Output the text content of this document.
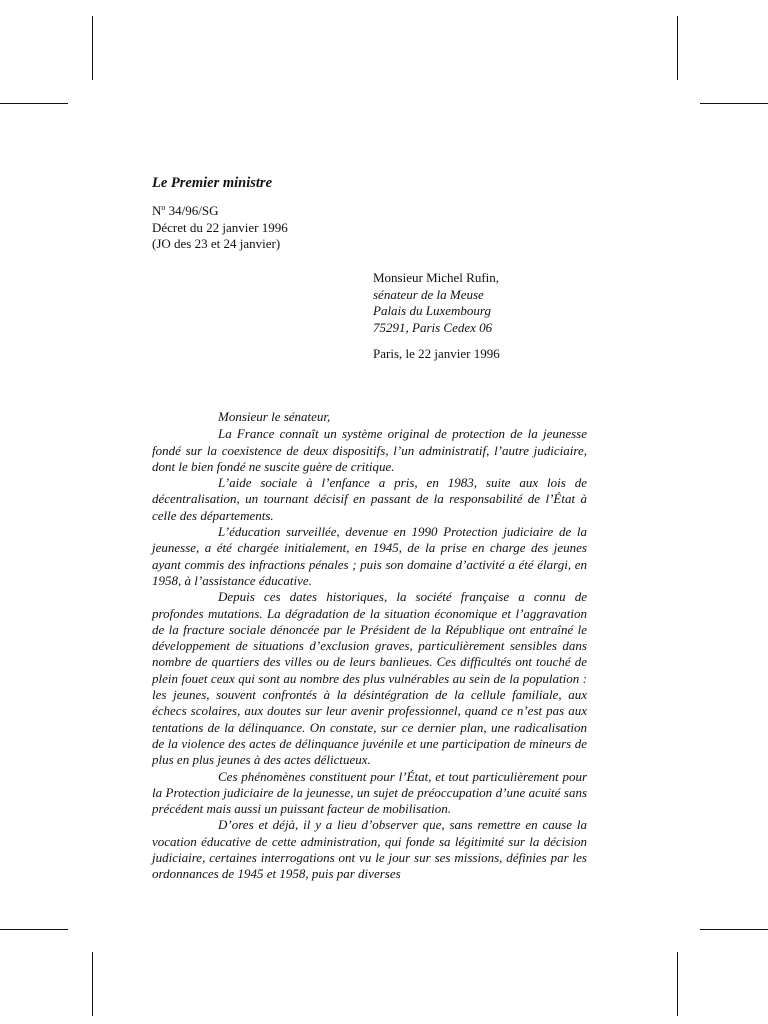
Le Premier ministre
$N^o$ 34/96/SG
Décret du 22 janvier 1996
(JO des 23 et 24 janvier)
Monsieur Michel Rufin,
sénateur de la Meuse
Palais du Luxembourg
75291, Paris Cedex 06
Paris, le 22 janvier 1996

Monsieur le sénateur,

La France connaît un système original de protection de la jeunesse fondé sur la coexistence de deux dispositifs, l’un administratif, l’autre judiciaire, dont le bien fondé ne suscite guère de critique.

L’aide sociale à l’enfance a pris, en 1983, suite aux lois de décentralisation, un tournant décisif en passant de la responsabilité de l’État à celle des départements.

L’éducation surveillée, devenue en 1990 Protection judiciaire de la jeunesse, a été chargée initialement, en 1945, de la prise en charge des jeunes ayant commis des infractions pénales ; puis son domaine d’activité a été élargi, en 1958, à l’assistance éducative.

Depuis ces dates historiques, la société française a connu de profondes mutations. La dégradation de la situation économique et l’aggravation de la fracture sociale dénoncée par le Président de la République ont entraîné le développement de situations d’exclusion graves, particulièrement sensibles dans nombre de quartiers des villes ou de leurs banlieues. Ces difficultés ont touché de plein fouet ceux qui sont au nombre des plus vulnérables au sein de la population : les jeunes, souvent confrontés à la désintégration de la cellule familiale, aux échecs scolaires, aux doutes sur leur avenir professionnel, quand ce n’est pas aux tentations de la délinquance. On constate, sur ce dernier plan, une radicalisation de la violence des actes de délinquance juvénile et une participation de mineurs de plus en plus jeunes à des actes délictueux.

Ces phénomènes constituent pour l’État, et tout particulièrement pour la Protection judiciaire de la jeunesse, un sujet de préoccupation d’une acuité sans précédent mais aussi un puissant facteur de mobilisation.

D’ores et déjà, il y a lieu d’observer que, sans remettre en cause la vocation éducative de cette administration, qui fonde sa légitimité sur la décision judiciaire, certaines interrogations ont vu le jour sur ses missions, définies par les ordonnances de 1945 et 1958, puis par diverses
